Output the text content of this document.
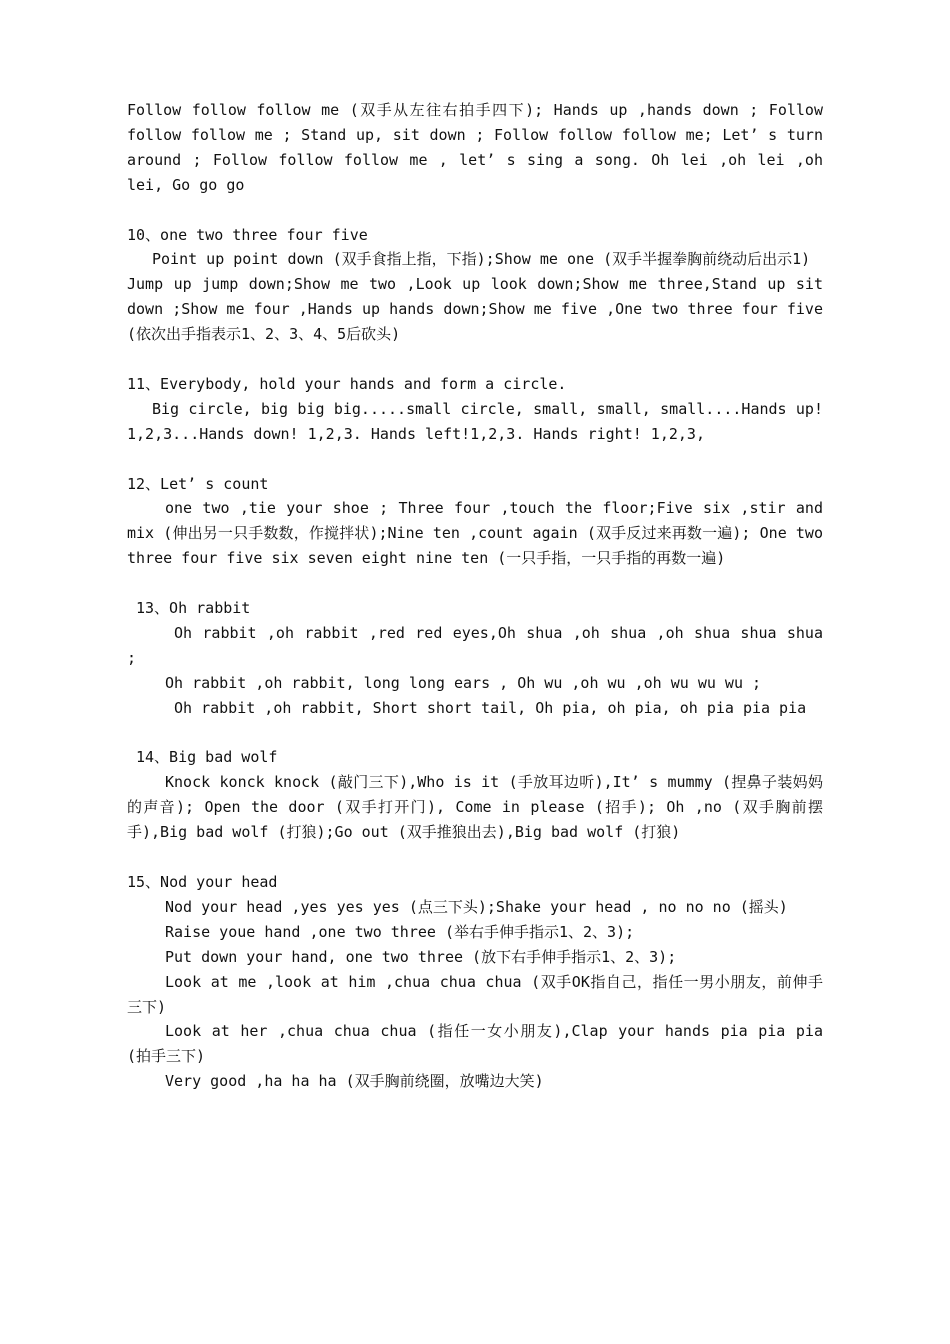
Follow follow follow me (双手从左往右拍手四下); Hands up ,hands down ; Follow follow follow me ; Stand up, sit down ; Follow follow follow me; Let’ s turn around ; Follow follow follow me , let’ s sing a song. Oh lei ,oh lei ,oh lei, Go go go

10、one two three four five

Point up point down (双手食指上指，下指);Show me one (双手半握拳胸前绕动后出示1)

Jump up jump down;Show me two ,Look up look down;Show me three,Stand up sit down ;Show me four ,Hands up hands down;Show me five ,One two three four five (依次出手指表示1、2、3、4、5后砍头)

11、Everybody, hold your hands and form a circle.

Big circle, big big big.....small circle, small, small, small....Hands up! 1,2,3...Hands down! 1,2,3. Hands left!1,2,3. Hands right! 1,2,3,

12、Let’ s count

one two ,tie your shoe ; Three four ,touch the floor;Five six ,stir and mix (伸出另一只手数数，作搅拌状);Nine ten ,count again (双手反过来再数一遍); One two three four five six seven eight nine ten (一只手指，一只手指的再数一遍)

13、Oh rabbit

Oh rabbit ,oh rabbit ,red red eyes,Oh shua ,oh shua ,oh shua shua shua ;

Oh rabbit ,oh rabbit, long long ears , Oh wu ,oh wu ,oh wu wu wu ;

Oh rabbit ,oh rabbit, Short short tail, Oh pia, oh pia, oh pia pia pia

14、Big bad wolf

Knock konck knock (敲门三下),Who is it (手放耳边听),It’ s mummy (捏鼻子装妈妈的声音); Open the door (双手打开门), Come in please (招手); Oh ,no (双手胸前摆手),Big bad wolf (打狼);Go out (双手推狼出去),Big bad wolf (打狼)

15、Nod your head

Nod your head ,yes yes yes (点三下头);Shake your head , no no no (摇头)

Raise youe hand ,one two three (举右手伸手指示1、2、3);

Put down your hand, one two three (放下右手伸手指示1、2、3);

Look at me ,look at him ,chua chua chua (双手OK指自己，指任一男小朋友，前伸手三下)

Look at her ,chua chua chua (指任一女小朋友),Clap your hands pia pia pia (拍手三下)

Very good ,ha ha ha (双手胸前绕圈，放嘴边大笑)
